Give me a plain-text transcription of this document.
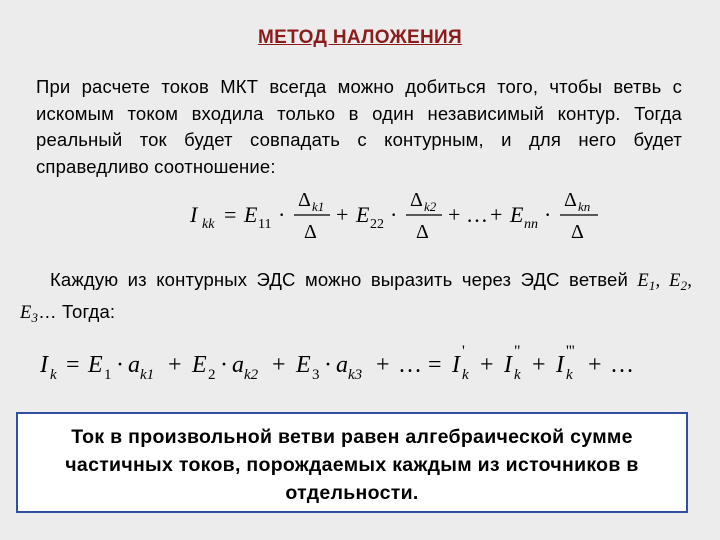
МЕТОД НАЛОЖЕНИЯ
При расчете токов МКТ всегда можно добиться того, чтобы ветвь с искомым током входила только в один независимый контур. Тогда реальный ток будет совпадать с контурным, и для него будет справедливо соотношение:
I kk = E 11 ·
Δ k1
Δ
+ E 22 ·
Δ k2
Δ
+ … + E nn ·
Δ kn
Δ
Каждую из контурных ЭДС можно выразить через ЭДС ветвей $E_1$, $E_2$, $E_3\dots$ Тогда:
I k = E 1 · a k1 + E 2 · a k2 + E 3 · a k3 + … = I
'
k + I
"
k + I
'''
k + …
Ток в произвольной ветви равен алгебраической сумме частичных токов, порождаемых каждым из источников в отдельности.
